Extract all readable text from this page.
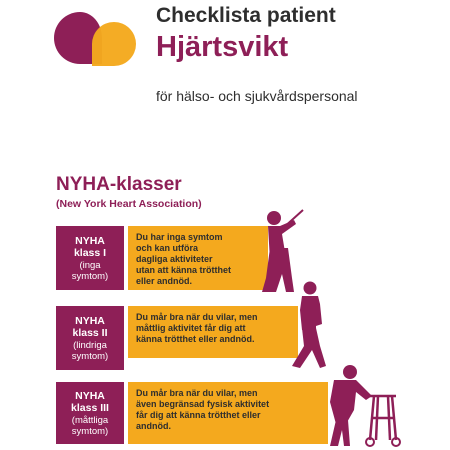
Checklista patient
Hjärtsvikt
för hälso- och sjukvårdspersonal
NYHA-klasser
(New York Heart Association)
NYHA
klass I
(inga
symtom)
Du har inga symtom
och kan utföra
dagliga aktiviteter
utan att känna trötthet
eller andnöd.
NYHA
klass II
(lindriga
symtom)
Du mår bra när du vilar, men
måttlig aktivitet får dig att
känna trötthet eller andnöd.
NYHA
klass III
(måttliga
symtom)
Du mår bra när du vilar, men
även begränsad fysisk aktivitet
får dig att känna trötthet eller
andnöd.
